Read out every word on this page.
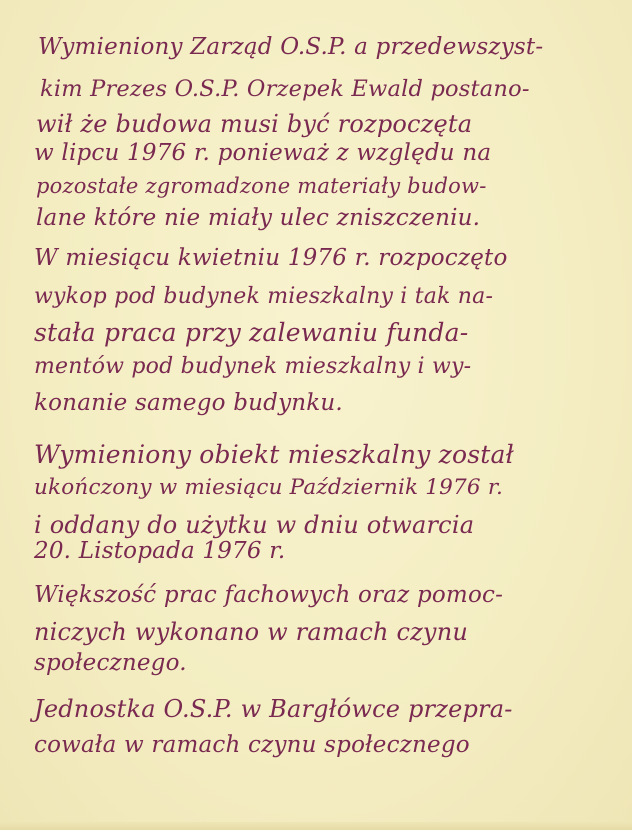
Wymieniony Zarząd O.S.P. a przedewszyst-
kim Prezes O.S.P. Orzepek Ewald postano-
wił że budowa musi być rozpoczęta
w lipcu 1976 r. ponieważ z względu na
pozostałe zgromadzone materiały budow-
lane które nie miały ulec zniszczeniu.
W miesiącu kwietniu 1976 r. rozpoczęto
wykop pod budynek mieszkalny i tak na-
stała praca przy zalewaniu funda-
mentów pod budynek mieszkalny i wy-
konanie samego budynku.
Wymieniony obiekt mieszkalny został
ukończony w miesiącu Październik 1976 r.
i oddany do użytku w dniu otwarcia
20. Listopada 1976 r.
Większość prac fachowych oraz pomoc-
niczych wykonano w ramach czynu
społecznego.
Jednostka O.S.P. w Bargłówce przepra-
cowała w ramach czynu społecznego
